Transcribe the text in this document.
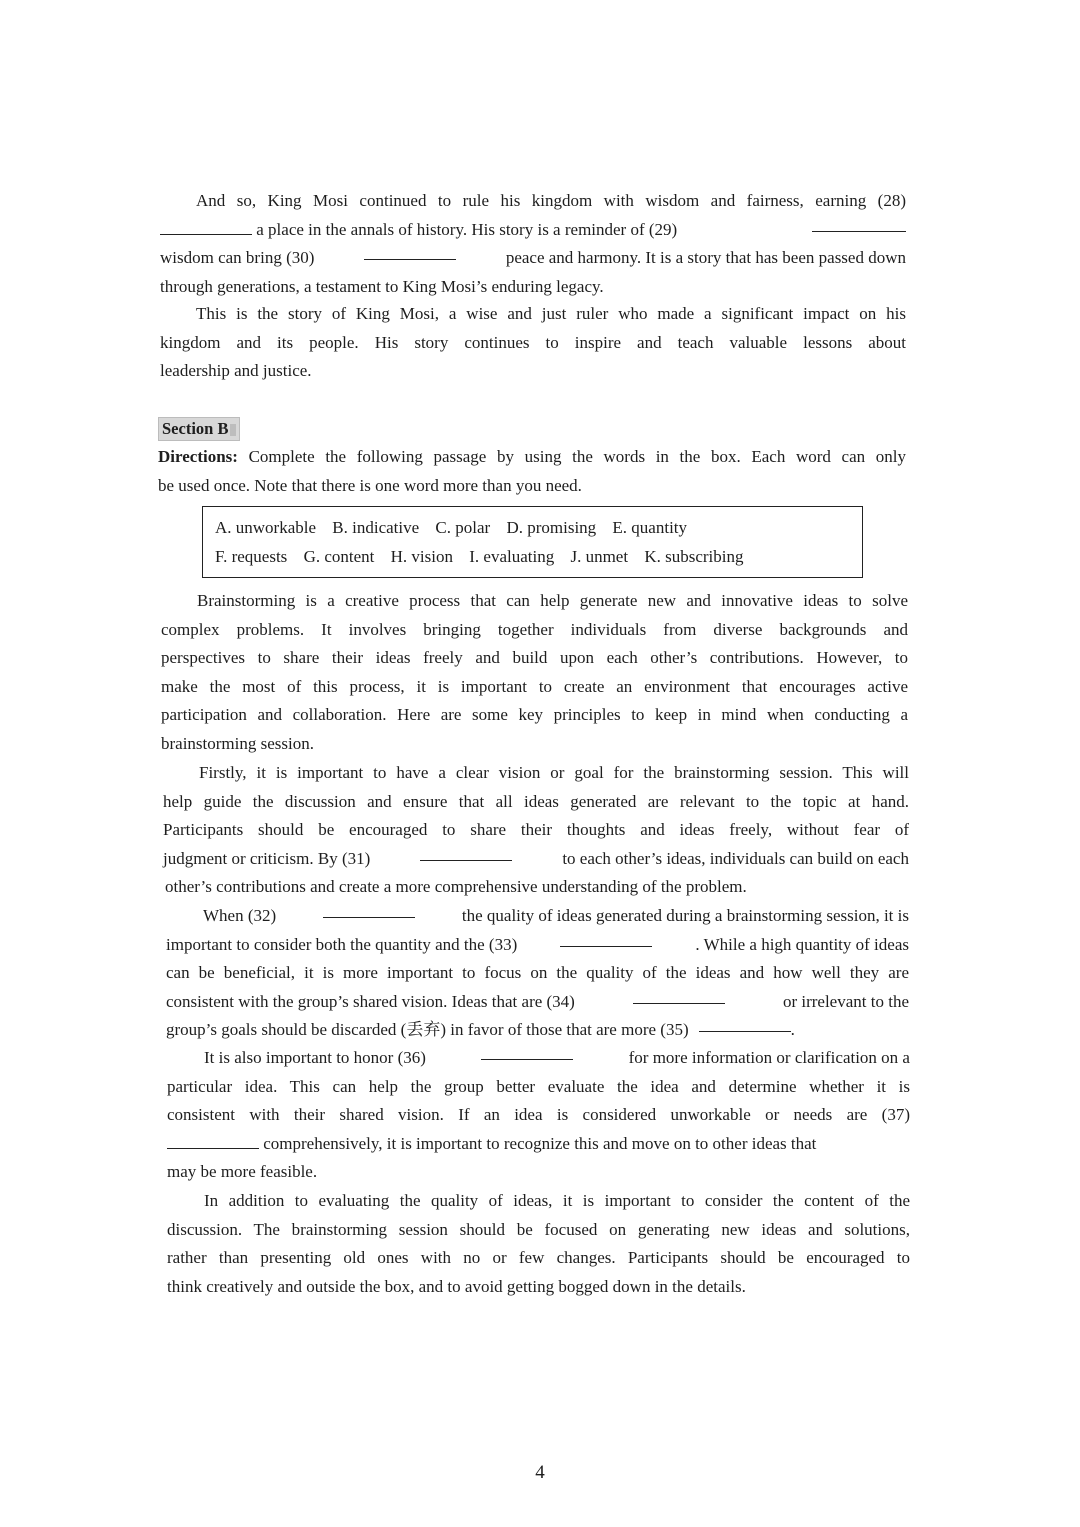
And so, King Mosi continued to rule his kingdom with wisdom and fairness, earning (28)
a place in the annals of history. His story is a reminder of (29)
wisdom can bring (30)	peace and harmony. It is a story that has been passed down
through generations, a testament to King Mosi’s enduring legacy.
This is the story of King Mosi, a wise and just ruler who made a significant impact on his
kingdom and its people. His story continues to inspire and teach valuable lessons about
leadership and justice.
Section B
Directions: Complete the following passage by using the words in the box. Each word can only
be used once. Note that there is one word more than you need.
A. unworkable B. indicative C. polar D. promising E. quantity
F. requests G. content H. vision I. evaluating J. unmet K. subscribing
Brainstorming is a creative process that can help generate new and innovative ideas to solve
complex problems. It involves bringing together individuals from diverse backgrounds and
perspectives to share their ideas freely and build upon each other’s contributions. However, to
make the most of this process, it is important to create an environment that encourages active
participation and collaboration. Here are some key principles to keep in mind when conducting a
brainstorming session.
Firstly, it is important to have a clear vision or goal for the brainstorming session. This will
help guide the discussion and ensure that all ideas generated are relevant to the topic at hand.
Participants should be encouraged to share their thoughts and ideas freely, without fear of
judgment or criticism. By (31)	to each other’s ideas, individuals can build on each
other’s contributions and create a more comprehensive understanding of the problem.
When (32)	the quality of ideas generated during a brainstorming session, it is
important to consider both the quantity and the (33)	. While a high quantity of ideas
can be beneficial, it is more important to focus on the quality of the ideas and how well they are
consistent with the group’s shared vision. Ideas that are (34)	or irrelevant to the
group’s goals should be discarded (丢弃) in favor of those that are more (35)	.
It is also important to honor (36)	for more information or clarification on a
particular idea. This can help the group better evaluate the idea and determine whether it is
consistent with their shared vision. If an idea is considered unworkable or needs are (37)
comprehensively, it is important to recognize this and move on to other ideas that
may be more feasible.
In addition to evaluating the quality of ideas, it is important to consider the content of the
discussion. The brainstorming session should be focused on generating new ideas and solutions,
rather than presenting old ones with no or few changes. Participants should be encouraged to
think creatively and outside the box, and to avoid getting bogged down in the details.
4
